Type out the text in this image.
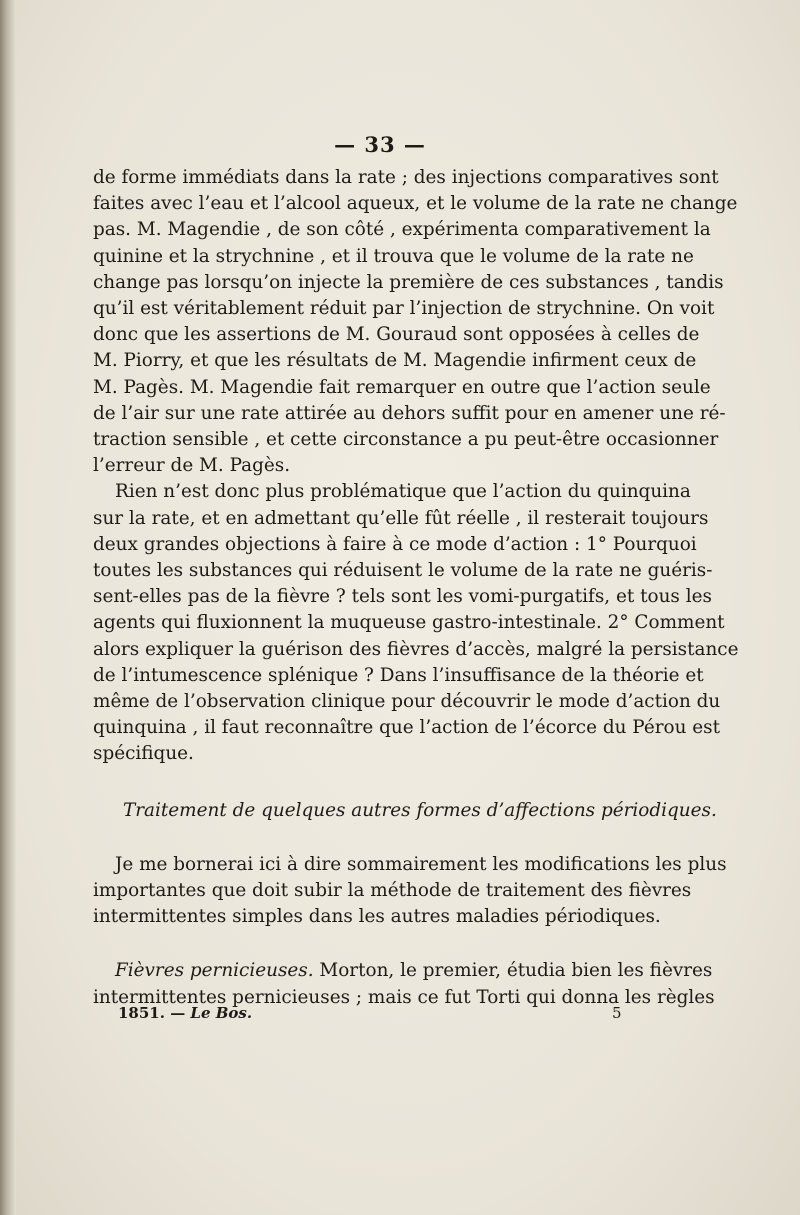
— 33 —
de forme immédiats dans la rate ; des injections comparatives sont
faites avec l’eau et l’alcool aqueux, et le volume de la rate ne change
pas. M. Magendie , de son côté , expérimenta comparativement la
quinine et la strychnine , et il trouva que le volume de la rate ne
change pas lorsqu’on injecte la première de ces substances , tandis
qu’il est véritablement réduit par l’injection de strychnine. On voit
donc que les assertions de M. Gouraud sont opposées à celles de
M. Piorry, et que les résultats de M. Magendie infirment ceux de
M. Pagès. M. Magendie fait remarquer en outre que l’action seule
de l’air sur une rate attirée au dehors suffit pour en amener une ré-
traction sensible , et cette circonstance a pu peut-être occasionner
l’erreur de M. Pagès.
Rien n’est donc plus problématique que l’action du quinquina
sur la rate, et en admettant qu’elle fût réelle , il resterait toujours
deux grandes objections à faire à ce mode d’action : 1° Pourquoi
toutes les substances qui réduisent le volume de la rate ne guéris-
sent-elles pas de la fièvre ? tels sont les vomi-purgatifs, et tous les
agents qui fluxionnent la muqueuse gastro-intestinale. 2° Comment
alors expliquer la guérison des fièvres d’accès, malgré la persistance
de l’intumescence splénique ? Dans l’insuffisance de la théorie et
même de l’observation clinique pour découvrir le mode d’action du
quinquina , il faut reconnaître que l’action de l’écorce du Pérou est
spécifique.
Traitement de quelques autres formes d’affections périodiques.
Je me bornerai ici à dire sommairement les modifications les plus
importantes que doit subir la méthode de traitement des fièvres
intermittentes simples dans les autres maladies périodiques.
Fièvres pernicieuses. Morton, le premier, étudia bien les fièvres
intermittentes pernicieuses ; mais ce fut Torti qui donna les règles
1851. — Le Bos.	5
